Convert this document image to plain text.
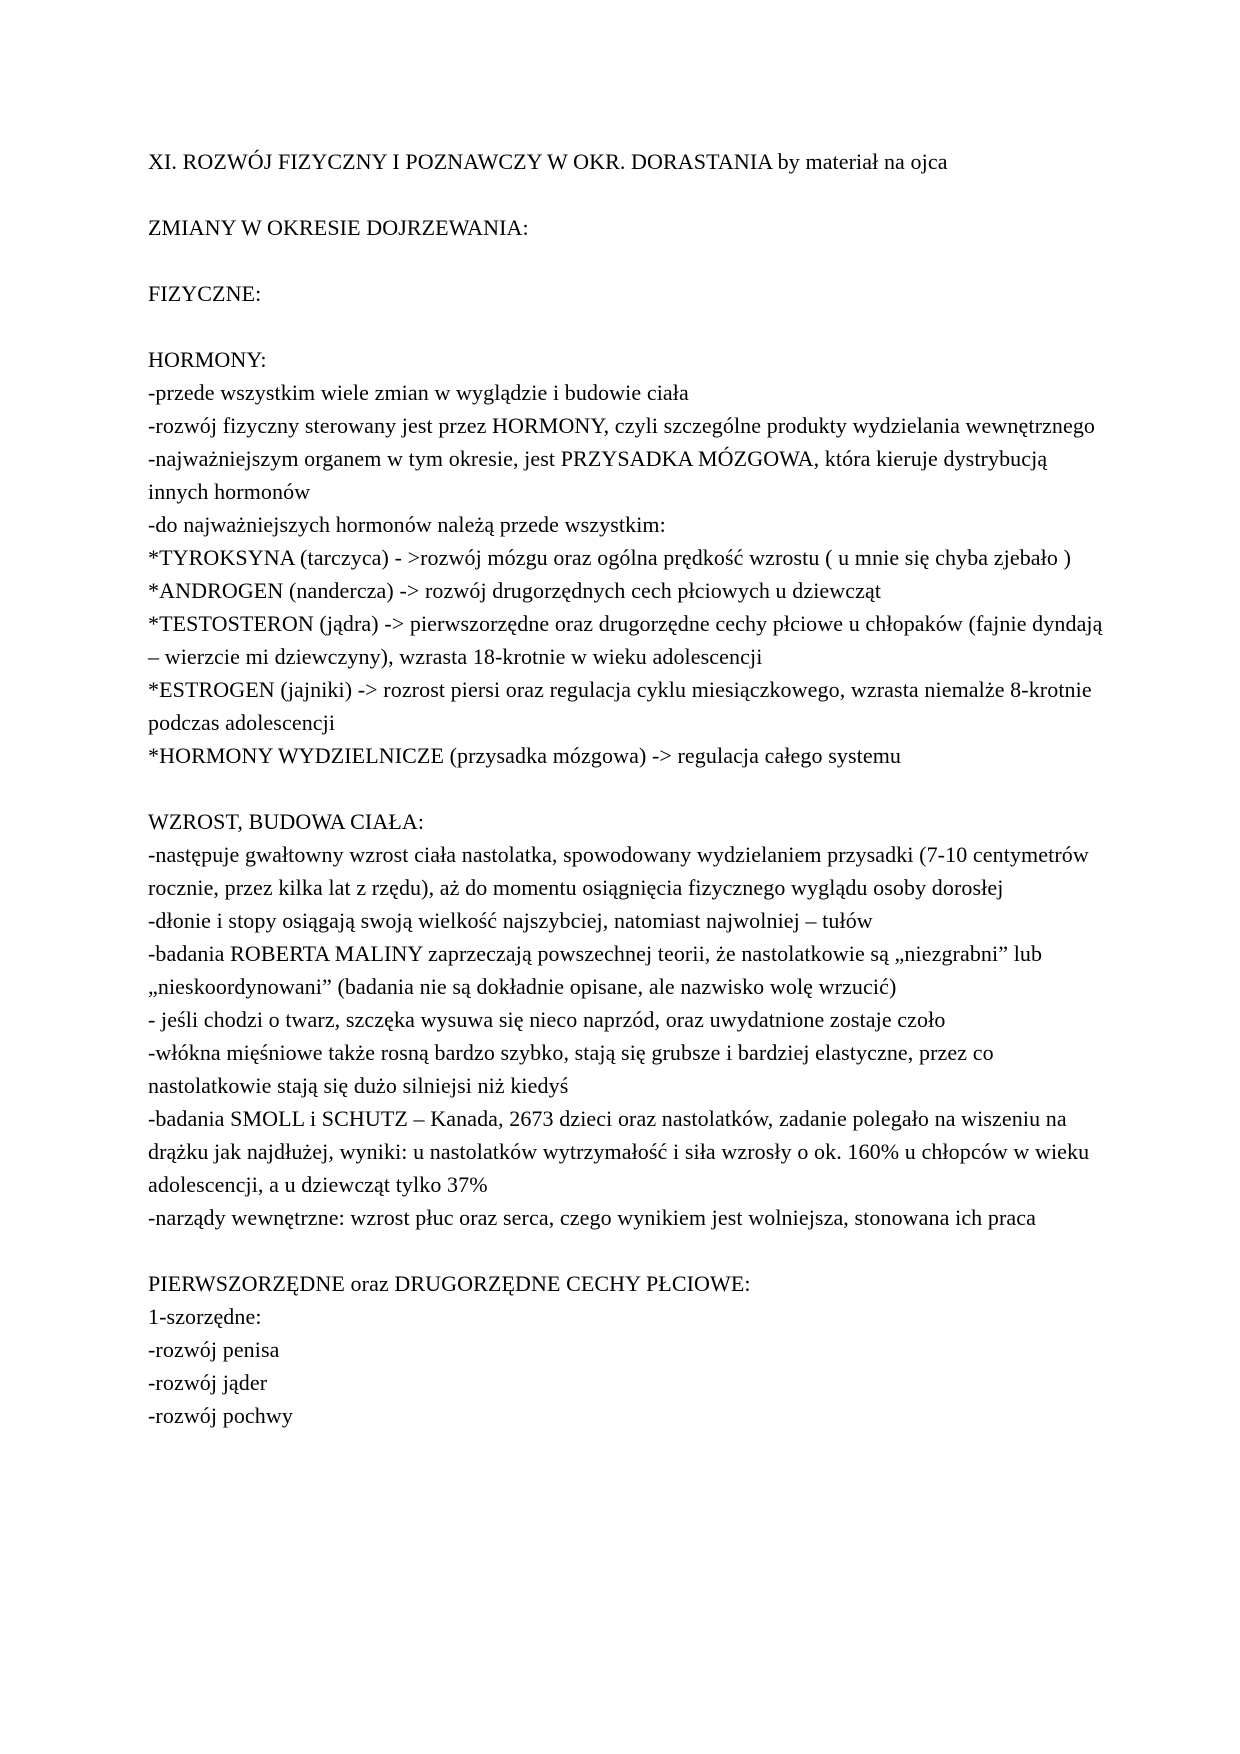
XI. ROZWÓJ FIZYCZNY I POZNAWCZY W OKR. DORASTANIA by materiał na ojca

ZMIANY W OKRESIE DOJRZEWANIA:

FIZYCZNE:

HORMONY:

-przede wszystkim wiele zmian w wyglądzie i budowie ciała

-rozwój fizyczny sterowany jest przez HORMONY, czyli szczególne produkty wydzielania wewnętrznego

-najważniejszym organem w tym okresie, jest PRZYSADKA MÓZGOWA, która kieruje dystrybucją innych hormonów

-do najważniejszych hormonów należą przede wszystkim:

*TYROKSYNA (tarczyca) - >rozwój mózgu oraz ogólna prędkość wzrostu ( u mnie się chyba zjebało )

*ANDROGEN (nandercza) -> rozwój drugorzędnych cech płciowych u dziewcząt

*TESTOSTERON (jądra) -> pierwszorzędne oraz drugorzędne cechy płciowe u chłopaków (fajnie dyndają – wierzcie mi dziewczyny), wzrasta 18-krotnie w wieku adolescencji

*ESTROGEN (jajniki) -> rozrost piersi oraz regulacja cyklu miesiączkowego, wzrasta niemalże 8-krotnie podczas adolescencji

*HORMONY WYDZIELNICZE (przysadka mózgowa) -> regulacja całego systemu

WZROST, BUDOWA CIAŁA:

-następuje gwałtowny wzrost ciała nastolatka, spowodowany wydzielaniem przysadki (7-10 centymetrów rocznie, przez kilka lat z rzędu), aż do momentu osiągnięcia fizycznego wyglądu osoby dorosłej

-dłonie i stopy osiągają swoją wielkość najszybciej, natomiast najwolniej – tułów

-badania ROBERTA MALINY zaprzeczają powszechnej teorii, że nastolatkowie są „niezgrabni” lub „nieskoordynowani” (badania nie są dokładnie opisane, ale nazwisko wolę wrzucić)

- jeśli chodzi o twarz, szczęka wysuwa się nieco naprzód, oraz uwydatnione zostaje czoło

-włókna mięśniowe także rosną bardzo szybko, stają się grubsze i bardziej elastyczne, przez co nastolatkowie stają się dużo silniejsi niż kiedyś

-badania SMOLL i SCHUTZ – Kanada, 2673 dzieci oraz nastolatków, zadanie polegało na wiszeniu na drążku jak najdłużej, wyniki: u nastolatków wytrzymałość i siła wzrosły o ok. 160% u chłopców w wieku adolescencji, a u dziewcząt tylko 37%

-narządy wewnętrzne: wzrost płuc oraz serca, czego wynikiem jest wolniejsza, stonowana ich praca

PIERWSZORZĘDNE oraz DRUGORZĘDNE CECHY PŁCIOWE:

1-szorzędne:

-rozwój penisa

-rozwój jąder

-rozwój pochwy
